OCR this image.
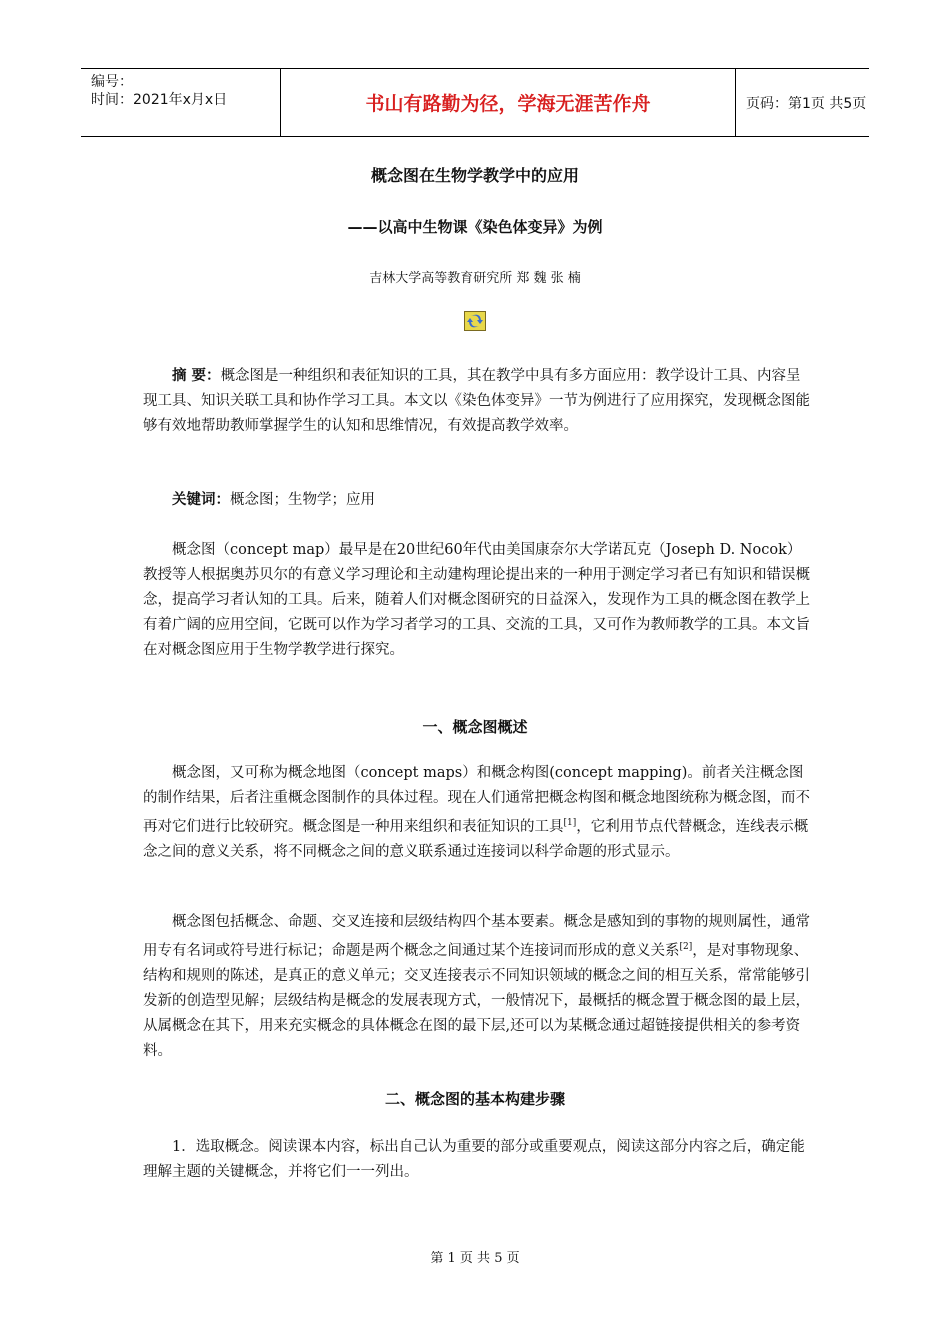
编号：
时间：2021年x月x日	书山有路勤为径，学海无涯苦作舟	页码：第1页 共5页
概念图在生物学教学中的应用
——以高中生物课《染色体变异》为例
吉林大学高等教育研究所 郑 魏 张 楠

摘 要：概念图是一种组织和表征知识的工具，其在教学中具有多方面应用：教学设计工具、内容呈现工具、知识关联工具和协作学习工具。本文以《染色体变异》一节为例进行了应用探究，发现概念图能够有效地帮助教师掌握学生的认知和思维情况，有效提高教学效率。

关键词：概念图；生物学；应用

概念图（concept map）最早是在20世纪60年代由美国康奈尔大学诺瓦克（Joseph D. Nocok）教授等人根据奥苏贝尔的有意义学习理论和主动建构理论提出来的一种用于测定学习者已有知识和错误概念，提高学习者认知的工具。后来，随着人们对概念图研究的日益深入，发现作为工具的概念图在教学上有着广阔的应用空间，它既可以作为学习者学习的工具、交流的工具，又可作为教师教学的工具。本文旨在对概念图应用于生物学教学进行探究。

一、概念图概述

概念图，又可称为概念地图（concept maps）和概念构图(concept mapping)。前者关注概念图的制作结果，后者注重概念图制作的具体过程。现在人们通常把概念构图和概念地图统称为概念图，而不再对它们进行比较研究。概念图是一种用来组织和表征知识的工具[1]，它利用节点代替概念，连线表示概念之间的意义关系，将不同概念之间的意义联系通过连接词以科学命题的形式显示。

概念图包括概念、命题、交叉连接和层级结构四个基本要素。概念是感知到的事物的规则属性，通常用专有名词或符号进行标记；命题是两个概念之间通过某个连接词而形成的意义关系[2]，是对事物现象、结构和规则的陈述，是真正的意义单元；交叉连接表示不同知识领域的概念之间的相互关系，常常能够引发新的创造型见解；层级结构是概念的发展表现方式，一般情况下，最概括的概念置于概念图的最上层，从属概念在其下，用来充实概念的具体概念在图的最下层,还可以为某概念通过超链接提供相关的参考资料。

二、概念图的基本构建步骤

1．选取概念。阅读课本内容，标出自己认为重要的部分或重要观点，阅读这部分内容之后，确定能理解主题的关键概念，并将它们一一列出。

第 1 页 共 5 页
